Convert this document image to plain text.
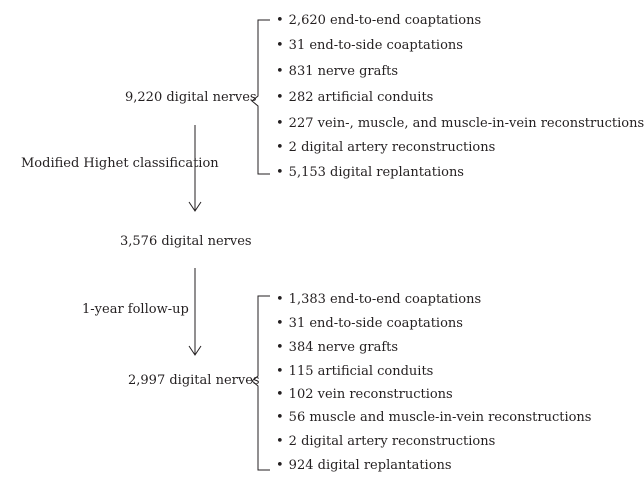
9,220 digital nerves
Modified Highet classification
3,576 digital nerves
1-year follow-up
2,997 digital nerves
• 2,620 end-to-end coaptations
• 31 end-to-side coaptations
• 831 nerve grafts
• 282 artificial conduits
• 227 vein-, muscle, and muscle-in-vein reconstructions
• 2 digital artery reconstructions
• 5,153 digital replantations
• 1,383 end-to-end coaptations
• 31 end-to-side coaptations
• 384 nerve grafts
• 115 artificial conduits
• 102 vein reconstructions
• 56 muscle and muscle-in-vein reconstructions
• 2 digital artery reconstructions
• 924 digital replantations
